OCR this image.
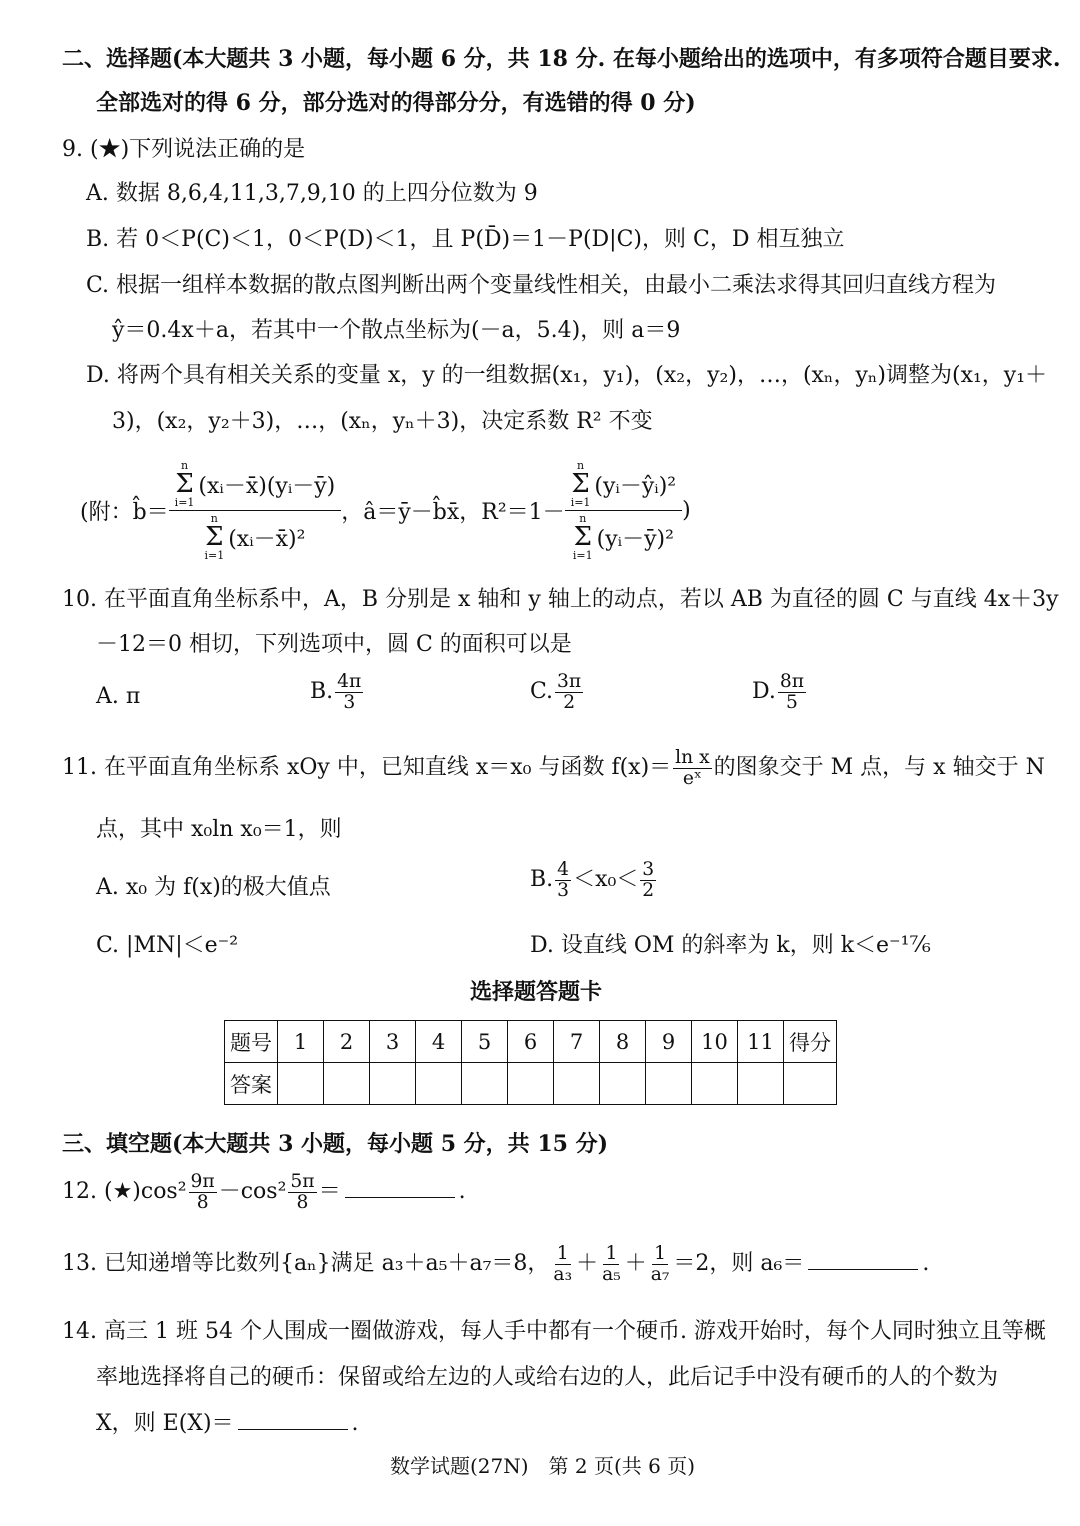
二、选择题(本大题共 3 小题，每小题 6 分，共 18 分. 在每小题给出的选项中，有多项符合题目要求.
全部选对的得 6 分，部分选对的得部分分，有选错的得 0 分)
9. (★)下列说法正确的是
A. 数据 8,6,4,11,3,7,9,10 的上四分位数为 9
B. 若 0＜P(C)＜1，0＜P(D)＜1，且 P(D̄)＝1－P(D|C)，则 C，D 相互独立
C. 根据一组样本数据的散点图判断出两个变量线性相关，由最小二乘法求得其回归直线方程为
ŷ＝0.4x＋a，若其中一个散点坐标为(－a，5.4)，则 a＝9
D. 将两个具有相关关系的变量 x，y 的一组数据(x₁，y₁)，(x₂，y₂)，…，(xₙ，yₙ)调整为(x₁，y₁＋
3)，(x₂，y₂＋3)，…，(xₙ，yₙ＋3)，决定系数 R² 不变
(附：b̂＝
n
Σ
i=1
(xᵢ－x̄)(yᵢ－ȳ)
n
Σ
i=1
(xᵢ－x̄)²
，â＝ȳ－b̂x̄，R²＝1－
n
Σ
i=1
(yᵢ－ŷᵢ)²
n
Σ
i=1
(yᵢ－ȳ)²
)
10. 在平面直角坐标系中，A，B 分别是 x 轴和 y 轴上的动点，若以 AB 为直径的圆 C 与直线 4x＋3y
－12＝0 相切，下列选项中，圆 C 的面积可以是
A. π	B. $\frac{4\pi}{3}$	C. $\frac{3\pi}{2}$	D. $\frac{8\pi}{5}$
11. 在平面直角坐标系 xOy 中，已知直线 x＝x₀ 与函数 $f(x)= \frac{\text{ln x}}{\text{eˣ}}$ 的图象交于 M 点，与 x 轴交于 N
点，其中 x₀ln x₀＝1，则
A. x₀ 为 f(x)的极大值点	B. $\frac{4}{3} <x_0< \frac{3}{2}$
C. |MN|＜e⁻²	D. 设直线 OM 的斜率为 k，则 k＜e⁻¹⁷⁄₆
选择题答题卡
题号	1	2	3	4	5	6	7	8	9	10	11	得分
答案												
三、填空题(本大题共 3 小题，每小题 5 分，共 15 分)
12. (★)cos² $\frac{9\pi}{8} -\cos^2 \frac{5\pi}{8}$ ＝	.
13. 已知递增等比数列{aₙ}满足 a₃＋a₅＋a₇＝8， $\frac{1}{\text{a₃}} + \frac{1}{\text{a₅}} + \frac{1}{\text{a₇}} =2$，则 a₆＝	.
14. 高三 1 班 54 个人围成一圈做游戏，每人手中都有一个硬币. 游戏开始时，每个人同时独立且等概
率地选择将自己的硬币：保留或给左边的人或给右边的人，此后记手中没有硬币的人的个数为
X，则 E(X)＝	.
数学试题(27N)　第 2 页(共 6 页)
